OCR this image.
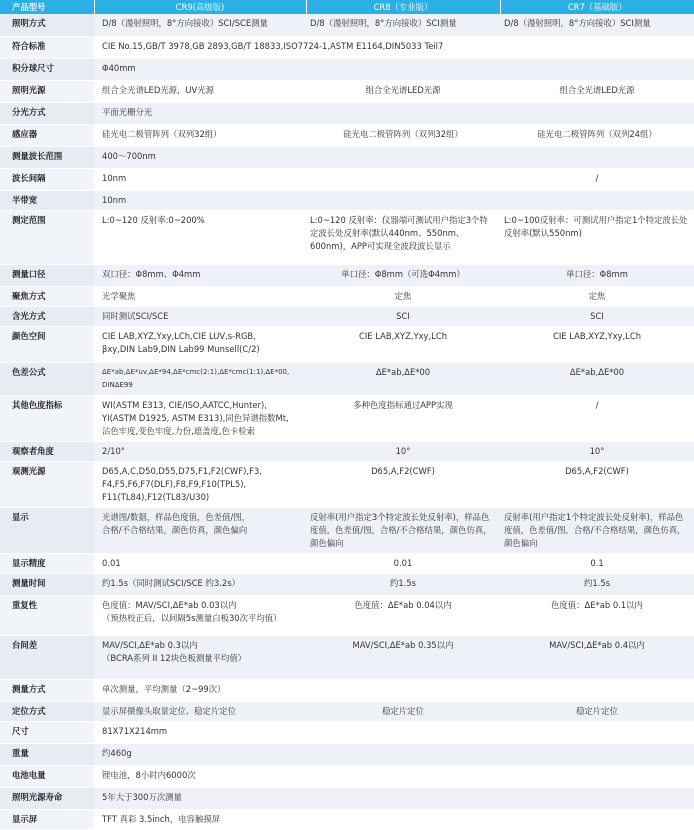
产品型号	CR9(高级版)	CR8（专业版）	CR7（基础版）
照明方式	D/8（漫射照明，8°方向接收）SCI/SCE测量	D/8（漫射照明，8°方向接收）SCI测量	D/8（漫射照明，8°方向接收）SCI测量
符合标准	CIE No.15,GB/T 3978,GB 2893,GB/T 18833,ISO7724-1,ASTM E1164,DIN5033 Teil7		
积分球尺寸	Φ40mm		
照明光源	组合全光谱LED光源，UV光源	组合全光谱LED光源	组合全光谱LED光源
分光方式	平面光栅分光		
感应器	硅光电二极管阵列（双列32组）	硅光电二极管阵列（双列32组）	硅光电二极管阵列（双列24组）
测量波长范围	400～700nm		
波长间隔	10nm		/
半带宽	10nm		
测定范围	L:0~120 反射率:0~200%	L:0~120 反射率：仪器端可测试用户指定3个特定波长处反射率(默认440nm、550nm、600nm)，APP可实现全波段波长显示	L:0~100反射率：可测试用户指定1个特定波长处反射率(默认550nm)
测量口径	双口径：Φ8mm、Φ4mm	单口径：Φ8mm（可选Φ4mm）	单口径：Φ8mm
聚焦方式	光学聚焦	定焦	定焦
含光方式	同时测试SCI/SCE	SCI	SCI
颜色空间	CIE LAB,XYZ,Yxy,LCh,CIE LUV,s-RGB,
βxy,DIN Lab9,DIN Lab99 Munsell(C/2)	CIE LAB,XYZ,Yxy,LCh	CIE LAB,XYZ,Yxy,LCh
色差公式	ΔE*ab,ΔE*uv,ΔE*94,ΔE*cmc(2:1),ΔE*cmc(1:1),ΔE*00, DINΔE99	ΔE*ab,ΔE*00	ΔE*ab,ΔE*00
其他色度指标	WI(ASTM E313, CIE/ISO,AATCC,Hunter),
YI(ASTM D1925, ASTM E313),同色异谱指数Mt,
沾色牢度,变色牢度,力份,遮盖度,色卡检索	多种色度指标通过APP实现	/
观察者角度	2/10°	10°	10°
观测光源	D65,A,C,D50,D55,D75,F1,F2(CWF),F3,
F4,F5,F6,F7(DLF),F8,F9,F10(TPL5),
F11(TL84),F12(TL83/U30)	D65,A,F2(CWF)	D65,A,F2(CWF)
显示	光谱图/数据，样品色度值，色差值/图，
合格/不合格结果，颜色仿真，颜色偏向	反射率(用户指定3个特定波长处反射率)，样品色度值，色差值/图，合格/不合格结果，颜色仿真，颜色偏向	反射率(用户指定1个特定波长处反射率)，样品色度值，色差值/图，合格/不合格结果，颜色仿真，颜色偏向
显示精度	0.01	0.01	0.1
测量时间	约1.5s（同时测试SCI/SCE 约3.2s）	约1.5s	约1.5s
重复性	色度值：MAV/SCI,ΔE*ab 0.03以内
（预热校正后，以间隔5s测量白板30次平均值）	色度值：ΔE*ab 0.04以内	色度值：ΔE*ab 0.1以内
台间差	MAV/SCI,ΔE*ab 0.3以内
（BCRA系列 II 12块色板测量平均值）	MAV/SCI,ΔE*ab 0.35以内	MAV/SCI,ΔE*ab 0.4以内
测量方式	单次测量，平均测量（2~99次）		
定位方式	显示屏摄像头取景定位、稳定片定位	稳定片定位	稳定片定位
尺寸	81X71X214mm		
重量	约460g		
电池电量	锂电池，8小时内6000次		
照明光源寿命	5年大于300万次测量		
显示屏	TFT 真彩 3.5inch，电容触摸屏		
